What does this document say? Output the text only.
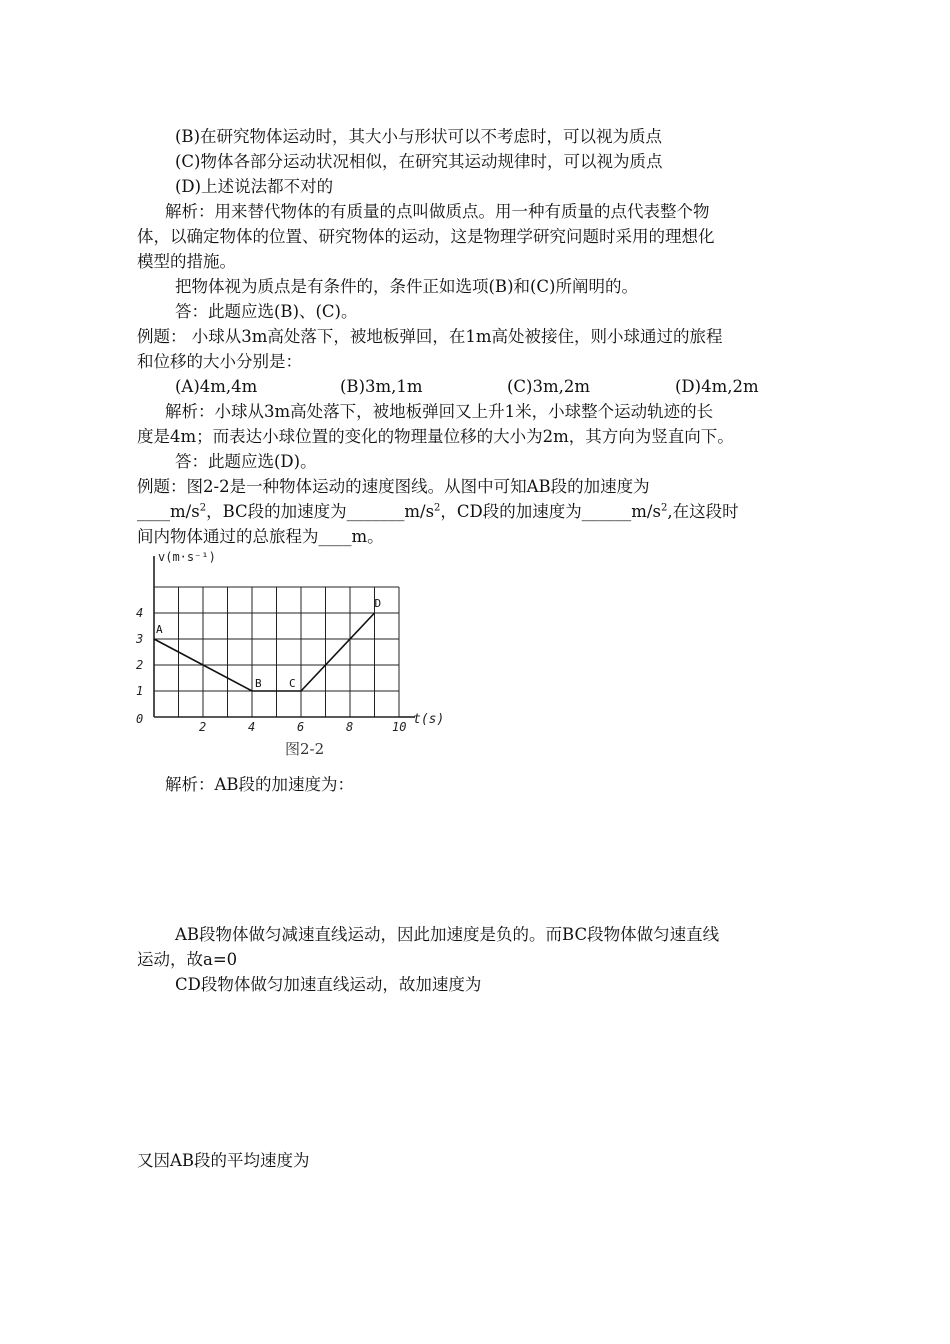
(B)在研究物体运动时，其大小与形状可以不考虑时，可以视为质点
(C)物体各部分运动状况相似，在研究其运动规律时，可以视为质点
(D)上述说法都不对的
解析：用来替代物体的有质量的点叫做质点。用一种有质量的点代表整个物
体，以确定物体的位置、研究物体的运动，这是物理学研究问题时采用的理想化
模型的措施。
把物体视为质点是有条件的，条件正如选项(B)和(C)所阐明的。
答：此题应选(B)、(C)。
例题： 小球从3m高处落下，被地板弹回，在1m高处被接住，则小球通过的旅程
和位移的大小分别是：
(A)4m,4m	(B)3m,1m	(C)3m,2m	(D)4m,2m
解析：小球从3m高处落下，被地板弹回又上升1米，小球整个运动轨迹的长
度是4m；而表达小球位置的变化的物理量位移的大小为2m，其方向为竖直向下。
答：此题应选(D)。
例题：图2-2是一种物体运动的速度图线。从图中可知AB段的加速度为
$\_\_\_\_m/s^2$，BC段的加速度为$\_\_\_\_\_\_\_m/s^2$，CD段的加速度为$\_\_\_\_\_\_m/s^2$,在这段时
间内物体通过的总旅程为____m。
v(m·s⁻¹)
t(s)
2	4	6	8	10
0
1
2
3
4
A
B C
D
图2-2
解析：AB段的加速度为：
AB段物体做匀减速直线运动，因此加速度是负的。而BC段物体做匀速直线
运动，故a=0
CD段物体做匀加速直线运动，故加速度为
又因AB段的平均速度为
